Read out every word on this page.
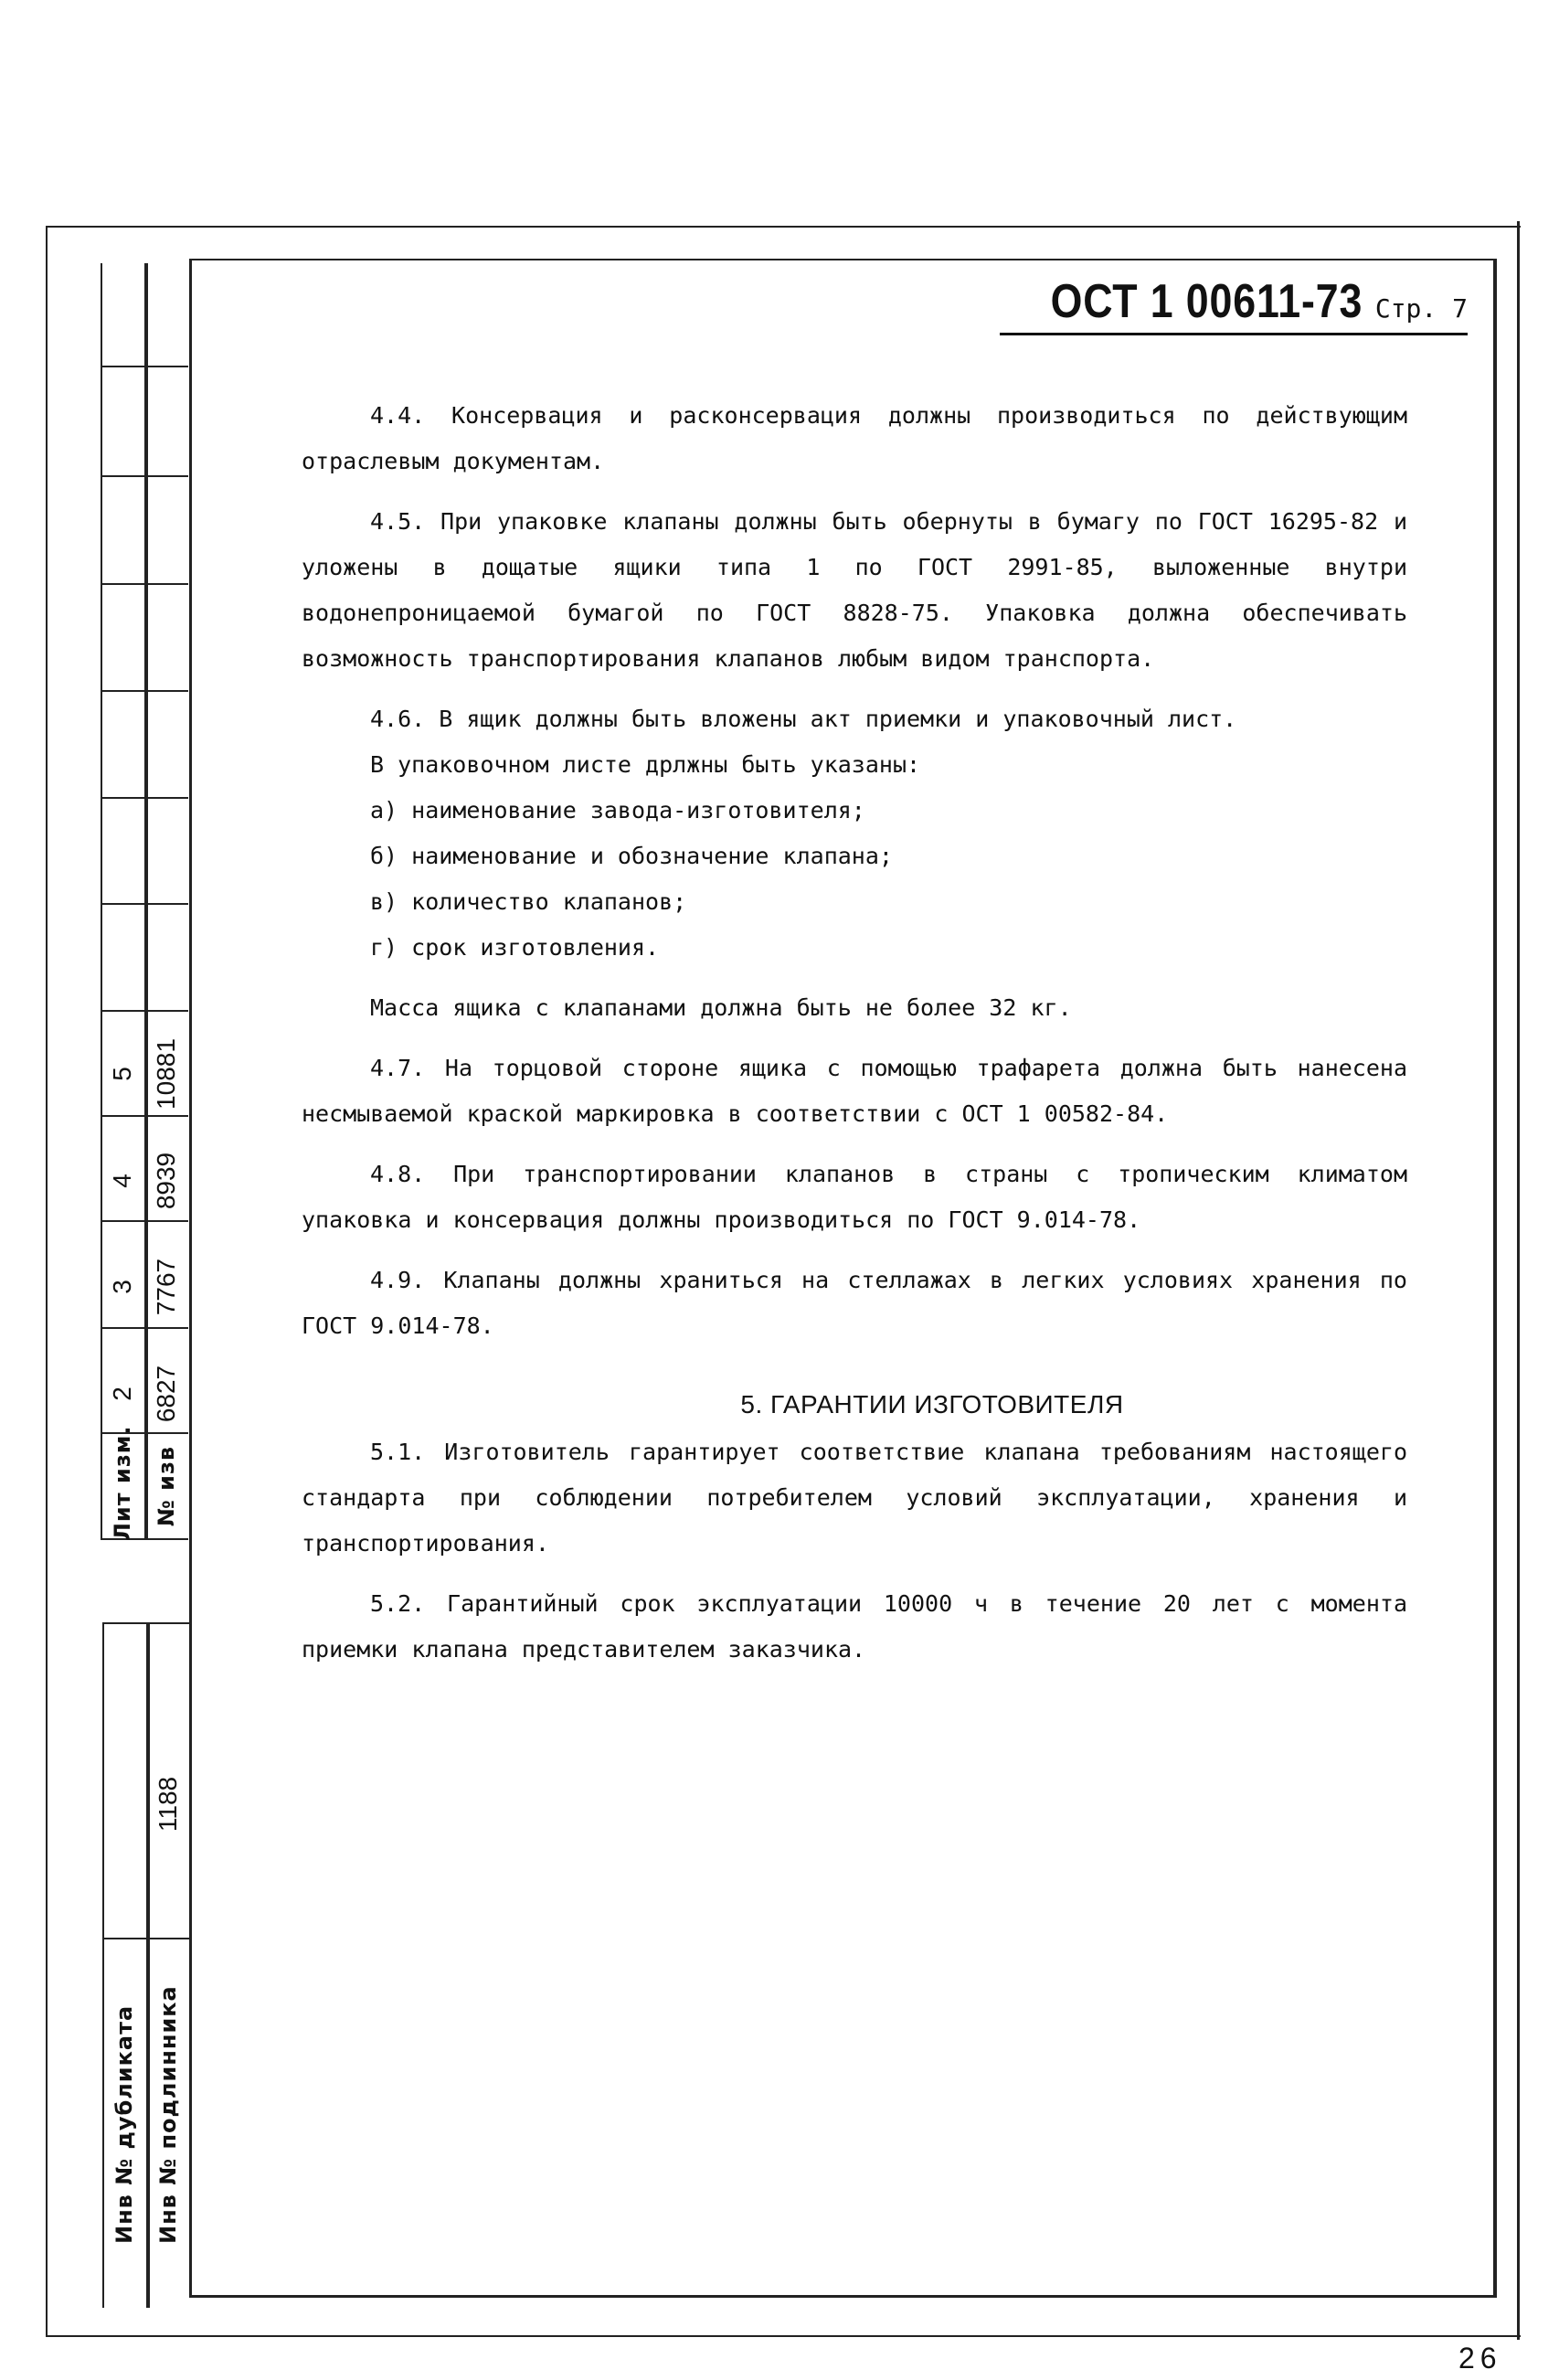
5 10881
4 8939
3 7767
2 6827
Лит изм. № изв
1188
Инв № дубликата Инв № подлинника
ОСТ 1 00611-73 Стр. 7

4.4. Консервация и расконсервация должны производиться по действующим отраслевым документам.

4.5. При упаковке клапаны должны быть обернуты в бумагу по ГОСТ 16295-82 и уложены в дощатые ящики типа 1 по ГОСТ 2991-85, выложенные внутри водонепроницаемой бумагой по ГОСТ 8828-75. Упаковка должна обеспечивать возможность транспортирования клапанов любым видом транспорта.

4.6. В ящик должны быть вложены акт приемки и упаковочный лист.

В упаковочном листе дрлжны быть указаны:

а) наименование завода-изготовителя;

б) наименование и обозначение клапана;

в) количество клапанов;

г) срок изготовления.

Масса ящика с клапанами должна быть не более 32 кг.

4.7. На торцовой стороне ящика с помощью трафарета должна быть нанесена несмываемой краской маркировка в соответствии с ОСТ 1 00582-84.

4.8. При транспортировании клапанов в страны с тропическим климатом упаковка и консервация должны производиться по ГОСТ 9.014-78.

4.9. Клапаны должны храниться на стеллажах в легких условиях хранения по ГОСТ 9.014-78.

5. ГАРАНТИИ ИЗГОТОВИТЕЛЯ

5.1. Изготовитель гарантирует соответствие клапана требованиям настоящего стандарта при соблюдении потребителем условий эксплуатации, хранения и транспортирования.

5.2. Гарантийный срок эксплуатации 10000 ч в течение 20 лет с момента приемки клапана представителем заказчика.

26
